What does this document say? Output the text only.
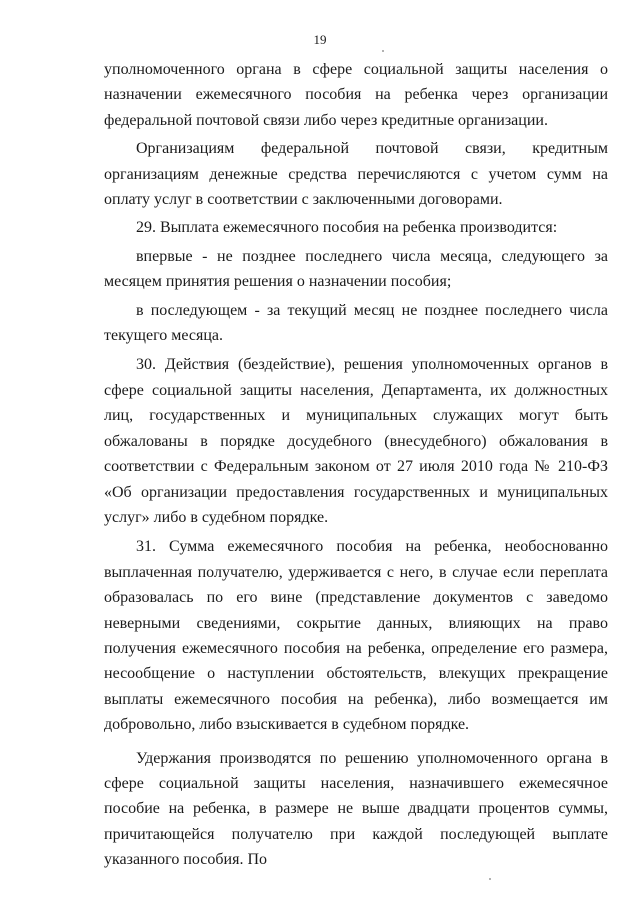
19

уполномоченного органа в сфере социальной защиты населения о назначении ежемесячного пособия на ребенка через организации федеральной почтовой связи либо через кредитные организации.

Организациям федеральной почтовой связи, кредитным организациям денежные средства перечисляются с учетом сумм на оплату услуг в соответствии с заключенными договорами.

29. Выплата ежемесячного пособия на ребенка производится:

впервые - не позднее последнего числа месяца, следующего за месяцем принятия решения о назначении пособия;

в последующем - за текущий месяц не позднее последнего числа текущего месяца.

30. Действия (бездействие), решения уполномоченных органов в сфере социальной защиты населения, Департамента, их должностных лиц, государственных и муниципальных служащих могут быть обжалованы в порядке досудебного (внесудебного) обжалования в соответствии с Федеральным законом от 27 июля 2010 года № 210-ФЗ «Об организации предоставления государственных и муниципальных услуг» либо в судебном порядке.

31. Сумма ежемесячного пособия на ребенка, необоснованно выплаченная получателю, удерживается с него, в случае если переплата образовалась по его вине (представление документов с заведомо неверными сведениями, сокрытие данных, влияющих на право получения ежемесячного пособия на ребенка, определение его размера, несообщение о наступлении обстоятельств, влекущих прекращение выплаты ежемесячного пособия на ребенка), либо возмещается им добровольно, либо взыскивается в судебном порядке.

Удержания производятся по решению уполномоченного органа в сфере социальной защиты населения, назначившего ежемесячное пособие на ребенка, в размере не выше двадцати процентов суммы, причитающейся получателю при каждой последующей выплате указанного пособия. По
